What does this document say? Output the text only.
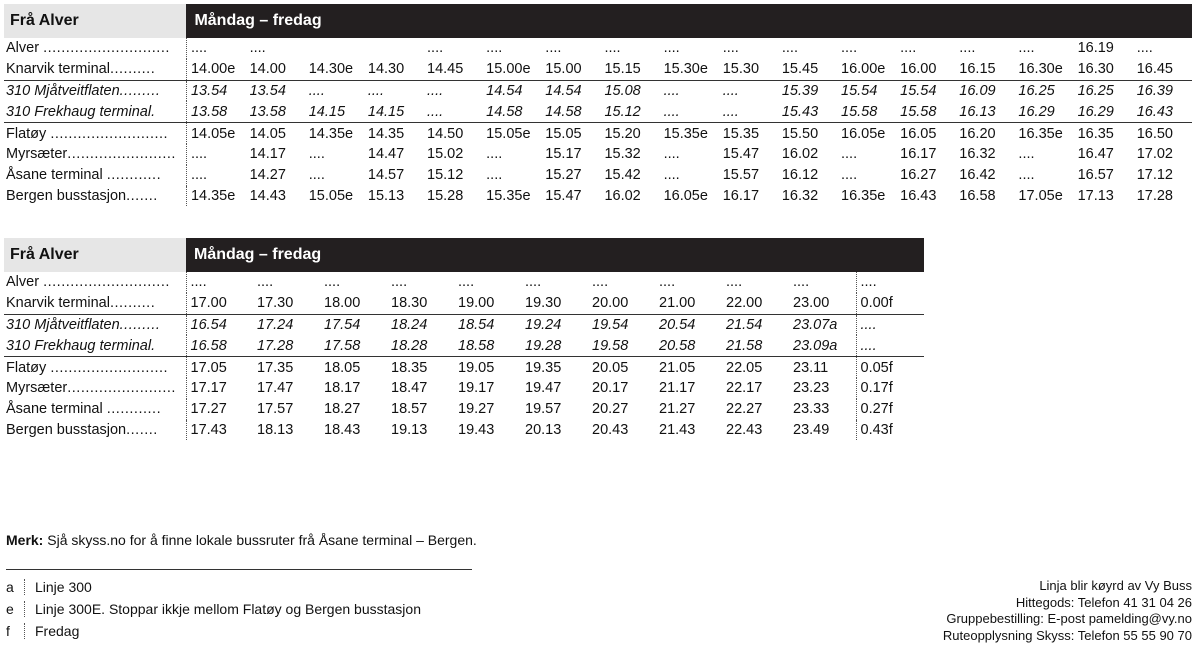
Frå Alver	Måndag – fredag																
Alver ............................	....	....			....	....	....	....	....	....	....	....	....	....	....	16.19	....
Knarvik terminal..........	14.00e	14.00	14.30e	14.30	14.45	15.00e	15.00	15.15	15.30e	15.30	15.45	16.00e	16.00	16.15	16.30e	16.30	16.45
310 Mjåtveitflaten.........	13.54	13.54	....	....	....	14.54	14.54	15.08	....	....	15.39	15.54	15.54	16.09	16.25	16.25	16.39
310 Frekhaug terminal.	13.58	13.58	14.15	14.15	....	14.58	14.58	15.12	....	....	15.43	15.58	15.58	16.13	16.29	16.29	16.43
Flatøy ..........................	14.05e	14.05	14.35e	14.35	14.50	15.05e	15.05	15.20	15.35e	15.35	15.50	16.05e	16.05	16.20	16.35e	16.35	16.50
Myrsæter........................	....	14.17	....	14.47	15.02	....	15.17	15.32	....	15.47	16.02	....	16.17	16.32	....	16.47	17.02
Åsane terminal ............	....	14.27	....	14.57	15.12	....	15.27	15.42	....	15.57	16.12	....	16.27	16.42	....	16.57	17.12
Bergen busstasjon.......	14.35e	14.43	15.05e	15.13	15.28	15.35e	15.47	16.02	16.05e	16.17	16.32	16.35e	16.43	16.58	17.05e	17.13	17.28
Frå Alver	Måndag – fredag										
Alver ............................	....	....	....	....	....	....	....	....	....	....	....
Knarvik terminal..........	17.00	17.30	18.00	18.30	19.00	19.30	20.00	21.00	22.00	23.00	0.00f
310 Mjåtveitflaten.........	16.54	17.24	17.54	18.24	18.54	19.24	19.54	20.54	21.54	23.07a	....
310 Frekhaug terminal.	16.58	17.28	17.58	18.28	18.58	19.28	19.58	20.58	21.58	23.09a	....
Flatøy ..........................	17.05	17.35	18.05	18.35	19.05	19.35	20.05	21.05	22.05	23.11	0.05f
Myrsæter........................	17.17	17.47	18.17	18.47	19.17	19.47	20.17	21.17	22.17	23.23	0.17f
Åsane terminal ............	17.27	17.57	18.27	18.57	19.27	19.57	20.27	21.27	22.27	23.33	0.27f
Bergen busstasjon.......	17.43	18.13	18.43	19.13	19.43	20.13	20.43	21.43	22.43	23.49	0.43f
Merk: Sjå skyss.no for å finne lokale bussruter frå Åsane terminal – Bergen.
a Linje 300
e Linje 300E. Stoppar ikkje mellom Flatøy og Bergen busstasjon
f Fredag
Linja blir køyrd av Vy Buss
Hittegods: Telefon 41 31 04 26
Gruppebestilling: E-post pamelding@vy.no
Ruteopplysning Skyss: Telefon 55 55 90 70
